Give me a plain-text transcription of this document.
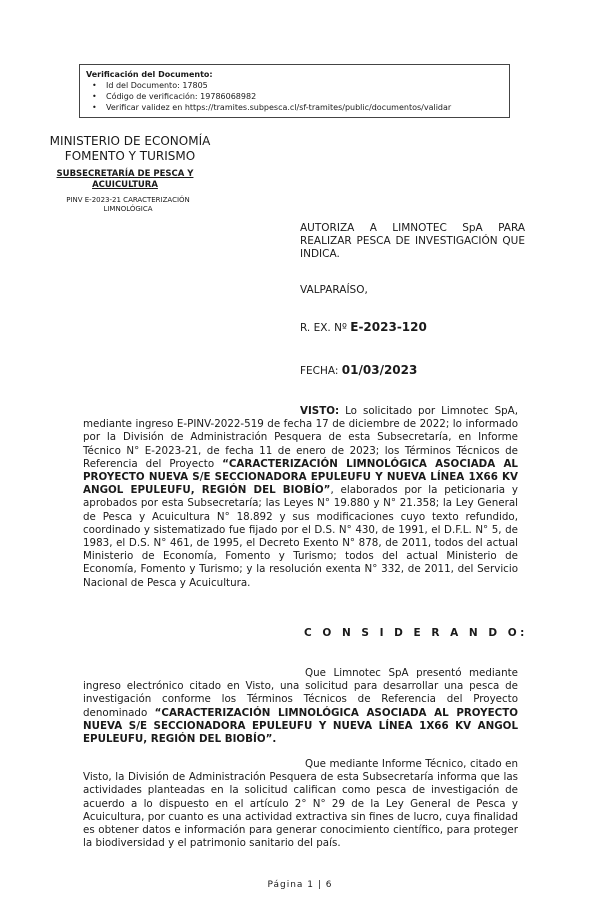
Verificación del Documento:
• Id del Documento: 17805
• Código de verificación: 19786068982
• Verificar validez en https://tramites.subpesca.cl/sf-tramites/public/documentos/validar
MINISTERIO DE ECONOMÍA
FOMENTO Y TURISMO
SUBSECRETARÍA DE PESCA Y
ACUICULTURA
PINV E-2023-21 CARACTERIZACIÓN
LIMNOLÓGICA
AUTORIZA A LIMNOTEC SpA PARA REALIZAR PESCA DE INVESTIGACIÓN QUE INDICA.
VALPARAÍSO,
R. EX. Nº E-2023-120
FECHA: 01/03/2023
VISTO: Lo solicitado por Limnotec SpA, mediante ingreso E-PINV-2022-519 de fecha 17 de diciembre de 2022; lo informado por la División de Administración Pesquera de esta Subsecretaría, en Informe Técnico N° E-2023-21, de fecha 11 de enero de 2023; los Términos Técnicos de Referencia del Proyecto “CARACTERIZACIÓN LIMNOLÓGICA ASOCIADA AL PROYECTO NUEVA S/E SECCIONADORA EPULEUFU Y NUEVA LÍNEA 1X66 KV ANGOL EPULEUFU, REGIÓN DEL BIOBÍO”, elaborados por la peticionaria y aprobados por esta Subsecretaría; las Leyes N° 19.880 y N° 21.358; la Ley General de Pesca y Acuicultura N° 18.892 y sus modificaciones cuyo texto refundido, coordinado y sistematizado fue fijado por el D.S. N° 430, de 1991, el D.F.L. N° 5, de 1983, el D.S. N° 461, de 1995, el Decreto Exento N° 878, de 2011, todos del actual Ministerio de Economía, Fomento y Turismo; todos del actual Ministerio de Economía, Fomento y Turismo; y la resolución exenta N° 332, de 2011, del Servicio Nacional de Pesca y Acuicultura.
C O N S I D E R A N D O:
Que Limnotec SpA presentó mediante ingreso electrónico citado en Visto, una solicitud para desarrollar una pesca de investigación conforme los Términos Técnicos de Referencia del Proyecto denominado “CARACTERIZACIÓN LIMNOLÓGICA ASOCIADA AL PROYECTO NUEVA S/E SECCIONADORA EPULEUFU Y NUEVA LÍNEA 1X66 KV ANGOL EPULEUFU, REGIÓN DEL BIOBÍO”.
Que mediante Informe Técnico, citado en Visto, la División de Administración Pesquera de esta Subsecretaría informa que las actividades planteadas en la solicitud califican como pesca de investigación de acuerdo a lo dispuesto en el artículo 2° N° 29 de la Ley General de Pesca y Acuicultura, por cuanto es una actividad extractiva sin fines de lucro, cuya finalidad es obtener datos e información para generar conocimiento científico, para proteger la biodiversidad y el patrimonio sanitario del país.
Página 1 | 6
